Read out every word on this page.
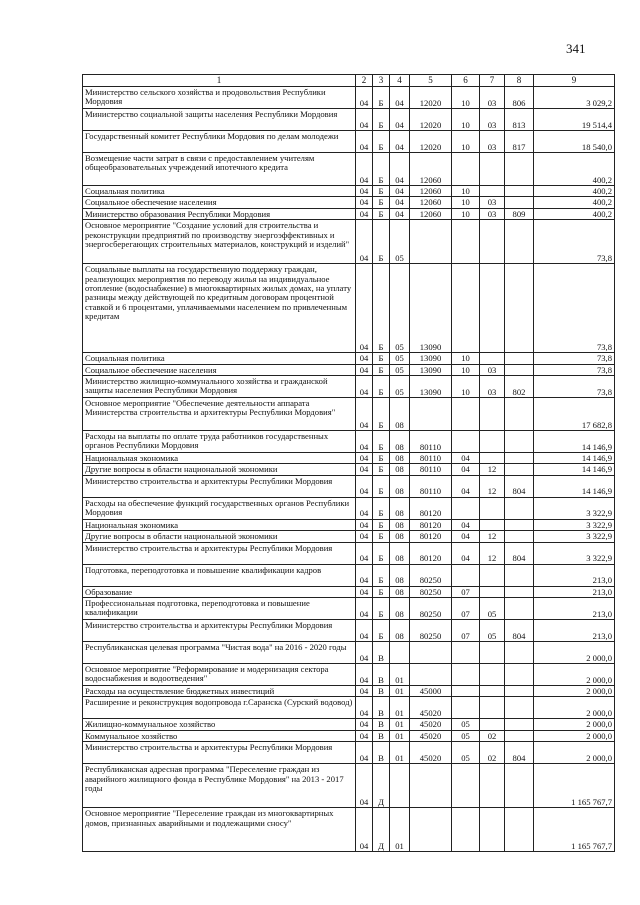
341
1	2	3	4	5	6	7	8	9
Министерство сельского хозяйства и продовольствия Республики Мордовия	04	Б	04	12020	10	03	806	3 029,2
Министерство социальной защиты населения Республики Мордовия	04	Б	04	12020	10	03	813	19 514,4
Государственный комитет Республики Мордовия по делам молодежи	04	Б	04	12020	10	03	817	18 540,0
Возмещение части затрат в связи с предоставлением учителям общеобразовательных учреждений ипотечного кредита	04	Б	04	12060				400,2
Социальная политика	04	Б	04	12060	10			400,2
Социальное обеспечение населения	04	Б	04	12060	10	03		400,2
Министерство образования Республики Мордовия	04	Б	04	12060	10	03	809	400,2
Основное мероприятие "Создание условий для строительства и реконструкции предприятий по производству энергоэффективных и энергосберегающих строительных материалов, конструкций и изделий"	04	Б	05					73,8
Социальные выплаты на государственную поддержку граждан, реализующих мероприятия по переводу жилья на индивидуальное отопление (водоснабжение) в многоквартирных жилых домах, на уплату разницы между действующей по кредитным договорам процентной ставкой и 6 процентами, уплачиваемыми населением по привлеченным кредитам	04	Б	05	13090				73,8
Социальная политика	04	Б	05	13090	10			73,8
Социальное обеспечение населения	04	Б	05	13090	10	03		73,8
Министерство жилищно-коммунального хозяйства и гражданской защиты населения Республики Мордовия	04	Б	05	13090	10	03	802	73,8
Основное мероприятие "Обеспечение деятельности аппарата Министерства строительства и архитектуры Республики Мордовия"	04	Б	08					17 682,8
Расходы на выплаты по оплате труда работников государственных органов Республики Мордовия	04	Б	08	80110				14 146,9
Национальная экономика	04	Б	08	80110	04			14 146,9
Другие вопросы в области национальной экономики	04	Б	08	80110	04	12		14 146,9
Министерство строительства и архитектуры Республики Мордовия	04	Б	08	80110	04	12	804	14 146,9
Расходы на обеспечение функций государственных органов Республики Мордовия	04	Б	08	80120				3 322,9
Национальная экономика	04	Б	08	80120	04			3 322,9
Другие вопросы в области национальной экономики	04	Б	08	80120	04	12		3 322,9
Министерство строительства и архитектуры Республики Мордовия	04	Б	08	80120	04	12	804	3 322,9
Подготовка, переподготовка и повышение квалификации кадров	04	Б	08	80250				213,0
Образование	04	Б	08	80250	07			213,0
Профессиональная подготовка, переподготовка и повышение квалификации	04	Б	08	80250	07	05		213,0
Министерство строительства и архитектуры Республики Мордовия	04	Б	08	80250	07	05	804	213,0
Республиканская целевая программа "Чистая вода" на 2016 - 2020 годы	04	В						2 000,0
Основное мероприятие "Реформирование и модернизация сектора водоснабжения и водоотведения"	04	В	01					2 000,0
Расходы на осуществление бюджетных инвестиций	04	В	01	45000				2 000,0
Расширение и реконструкция водопровода г.Саранска (Сурский водовод)	04	В	01	45020				2 000,0
Жилищно-коммунальное хозяйство	04	В	01	45020	05			2 000,0
Коммунальное хозяйство	04	В	01	45020	05	02		2 000,0
Министерство строительства и архитектуры Республики Мордовия	04	В	01	45020	05	02	804	2 000,0
Республиканская адресная программа "Переселение граждан из аварийного жилищного фонда в Республике Мордовия" на 2013 - 2017 годы	04	Д						1 165 767,7
Основное мероприятие "Переселение граждан из многоквартирных домов, признанных аварийными и подлежащими сносу"	04	Д	01					1 165 767,7
